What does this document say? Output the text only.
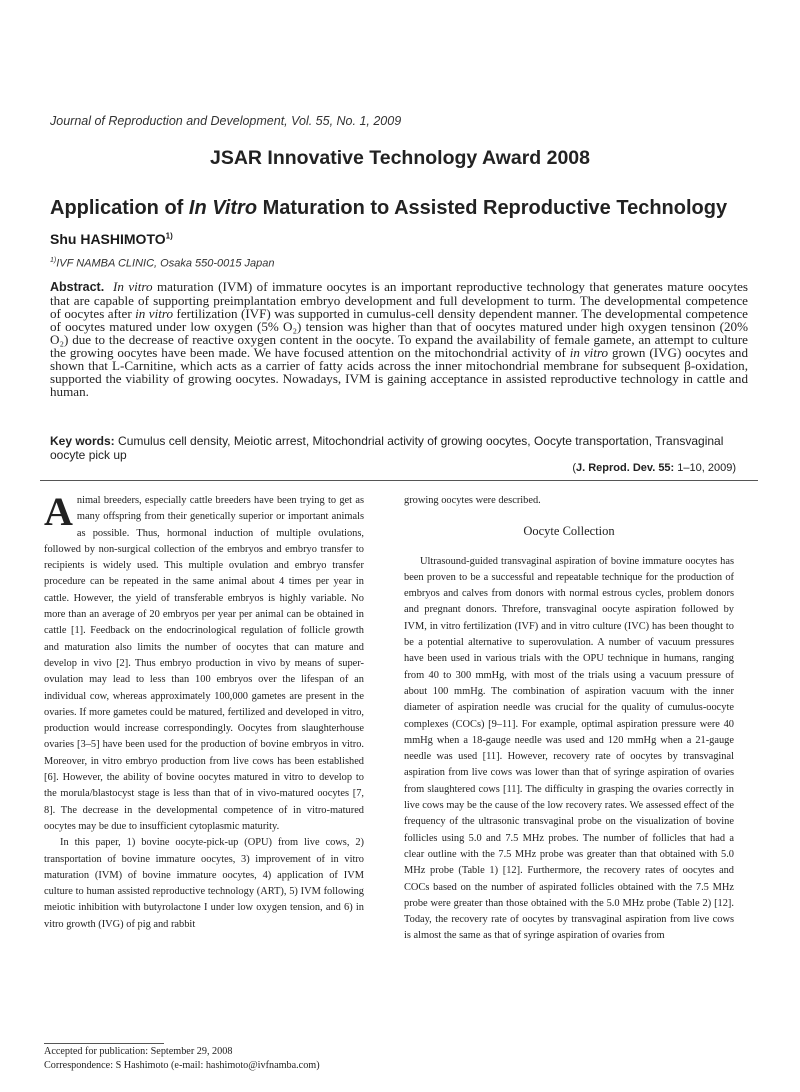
Journal of Reproduction and Development, Vol. 55, No. 1, 2009
JSAR Innovative Technology Award 2008
Application of In Vitro Maturation to Assisted Reproductive Technology
Shu HASHIMOTO$^{1)}$
$^{1)}$IVF NAMBA CLINIC, Osaka 550-0015 Japan
Abstract. In vitro maturation (IVM) of immature oocytes is an important reproductive technology that generates mature oocytes that are capable of supporting preimplantation embryo development and full development to turm. The developmental competence of oocytes after in vitro fertilization (IVF) was supported in cumulus-cell density dependent manner. The developmental competence of oocytes matured under low oxygen (5% O₂) tension was higher than that of oocytes matured under high oxygen tensinon (20% O₂) due to the decrease of reactive oxygen content in the oocyte. To expand the availability of female gamete, an attempt to culture the growing oocytes have been made. We have focused attention on the mitochondrial activity of in vitro grown (IVG) oocytes and shown that L-Carnitine, which acts as a carrier of fatty acids across the inner mitochondrial membrane for subsequent β-oxidation, supported the viability of growing oocytes. Nowadays, IVM is gaining acceptance in assisted reproductive technology in cattle and human.
Key words: Cumulus cell density, Meiotic arrest, Mitochondrial activity of growing oocytes, Oocyte transportation, Transvaginal oocyte pick up
(J. Reprod. Dev. 55: 1–10, 2009)

Animal breeders, especially cattle breeders have been trying to get as many offspring from their genetically superior or important animals as possible. Thus, hormonal induction of multiple ovulations, followed by non-surgical collection of the embryos and embryo transfer to recipients is widely used. This multiple ovulation and embryo transfer procedure can be repeated in the same animal about 4 times per year in cattle. However, the yield of transferable embryos is highly variable. No more than an average of 20 embryos per year per animal can be obtained in cattle [1]. Feedback on the endocrinological regulation of follicle growth and maturation also limits the number of oocytes that can mature and develop in vivo [2]. Thus embryo production in vivo by means of super-ovulation may lead to less than 100 embryos over the lifespan of an individual cow, whereas approximately 100,000 gametes are present in the ovaries. If more gametes could be matured, fertilized and developed in vitro, production would increase correspondingly. Oocytes from slaughterhouse ovaries [3–5] have been used for the production of bovine embryos in vitro. Moreover, in vitro embryo production from live cows has been established [6]. However, the ability of bovine oocytes matured in vitro to develop to the morula/blastocyst stage is less than that of in vivo-matured oocytes [7, 8]. The decrease in the developmental competence of in vitro-matured oocytes may be due to insufficient cytoplasmic maturity.

In this paper, 1) bovine oocyte-pick-up (OPU) from live cows, 2) transportation of bovine immature oocytes, 3) improvement of in vitro maturation (IVM) of bovine immature oocytes, 4) application of IVM culture to human assisted reproductive technology (ART), 5) IVM following meiotic inhibition with butyrolactone I under low oxygen tension, and 6) in vitro growth (IVG) of pig and rabbit

growing oocytes were described.

Oocyte Collection

Ultrasound-guided transvaginal aspiration of bovine immature oocytes has been proven to be a successful and repeatable technique for the production of embryos and calves from donors with normal estrous cycles, problem donors and pregnant donors. Threfore, transvaginal oocyte aspiration followed by IVM, in vitro fertilization (IVF) and in vitro culture (IVC) has been thought to be a potential alternative to superovulation. A number of vacuum pressures have been used in various trials with the OPU technique in humans, ranging from 40 to 300 mmHg, with most of the trials using a vacuum pressure of about 100 mmHg. The combination of aspiration vacuum with the inner diameter of aspiration needle was crucial for the quality of cumulus-oocyte complexes (COCs) [9–11]. For example, optimal aspiration pressure were 40 mmHg when a 18-gauge needle was used and 120 mmHg when a 21-gauge needle was used [11]. However, recovery rate of oocytes by transvaginal aspiration from live cows was lower than that of syringe aspiration of ovaries from slaughtered cows [11]. The difficulty in grasping the ovaries correctly in live cows may be the cause of the low recovery rates. We assessed effect of the frequency of the ultrasonic transvaginal probe on the visualization of bovine follicles using 5.0 and 7.5 MHz probes. The number of follicles that had a clear outline with the 7.5 MHz probe was greater than that obtained with 5.0 MHz probe (Table 1) [12]. Furthermore, the recovery rates of oocytes and COCs based on the number of aspirated follicles obtained with the 7.5 MHz probe were greater than those obtained with the 5.0 MHz probe (Table 2) [12]. Today, the recovery rate of oocytes by transvaginal aspiration from live cows is almost the same as that of syringe aspiration of ovaries from

Accepted for publication: September 29, 2008
Correspondence: S Hashimoto (e-mail: hashimoto@ivfnamba.com)
